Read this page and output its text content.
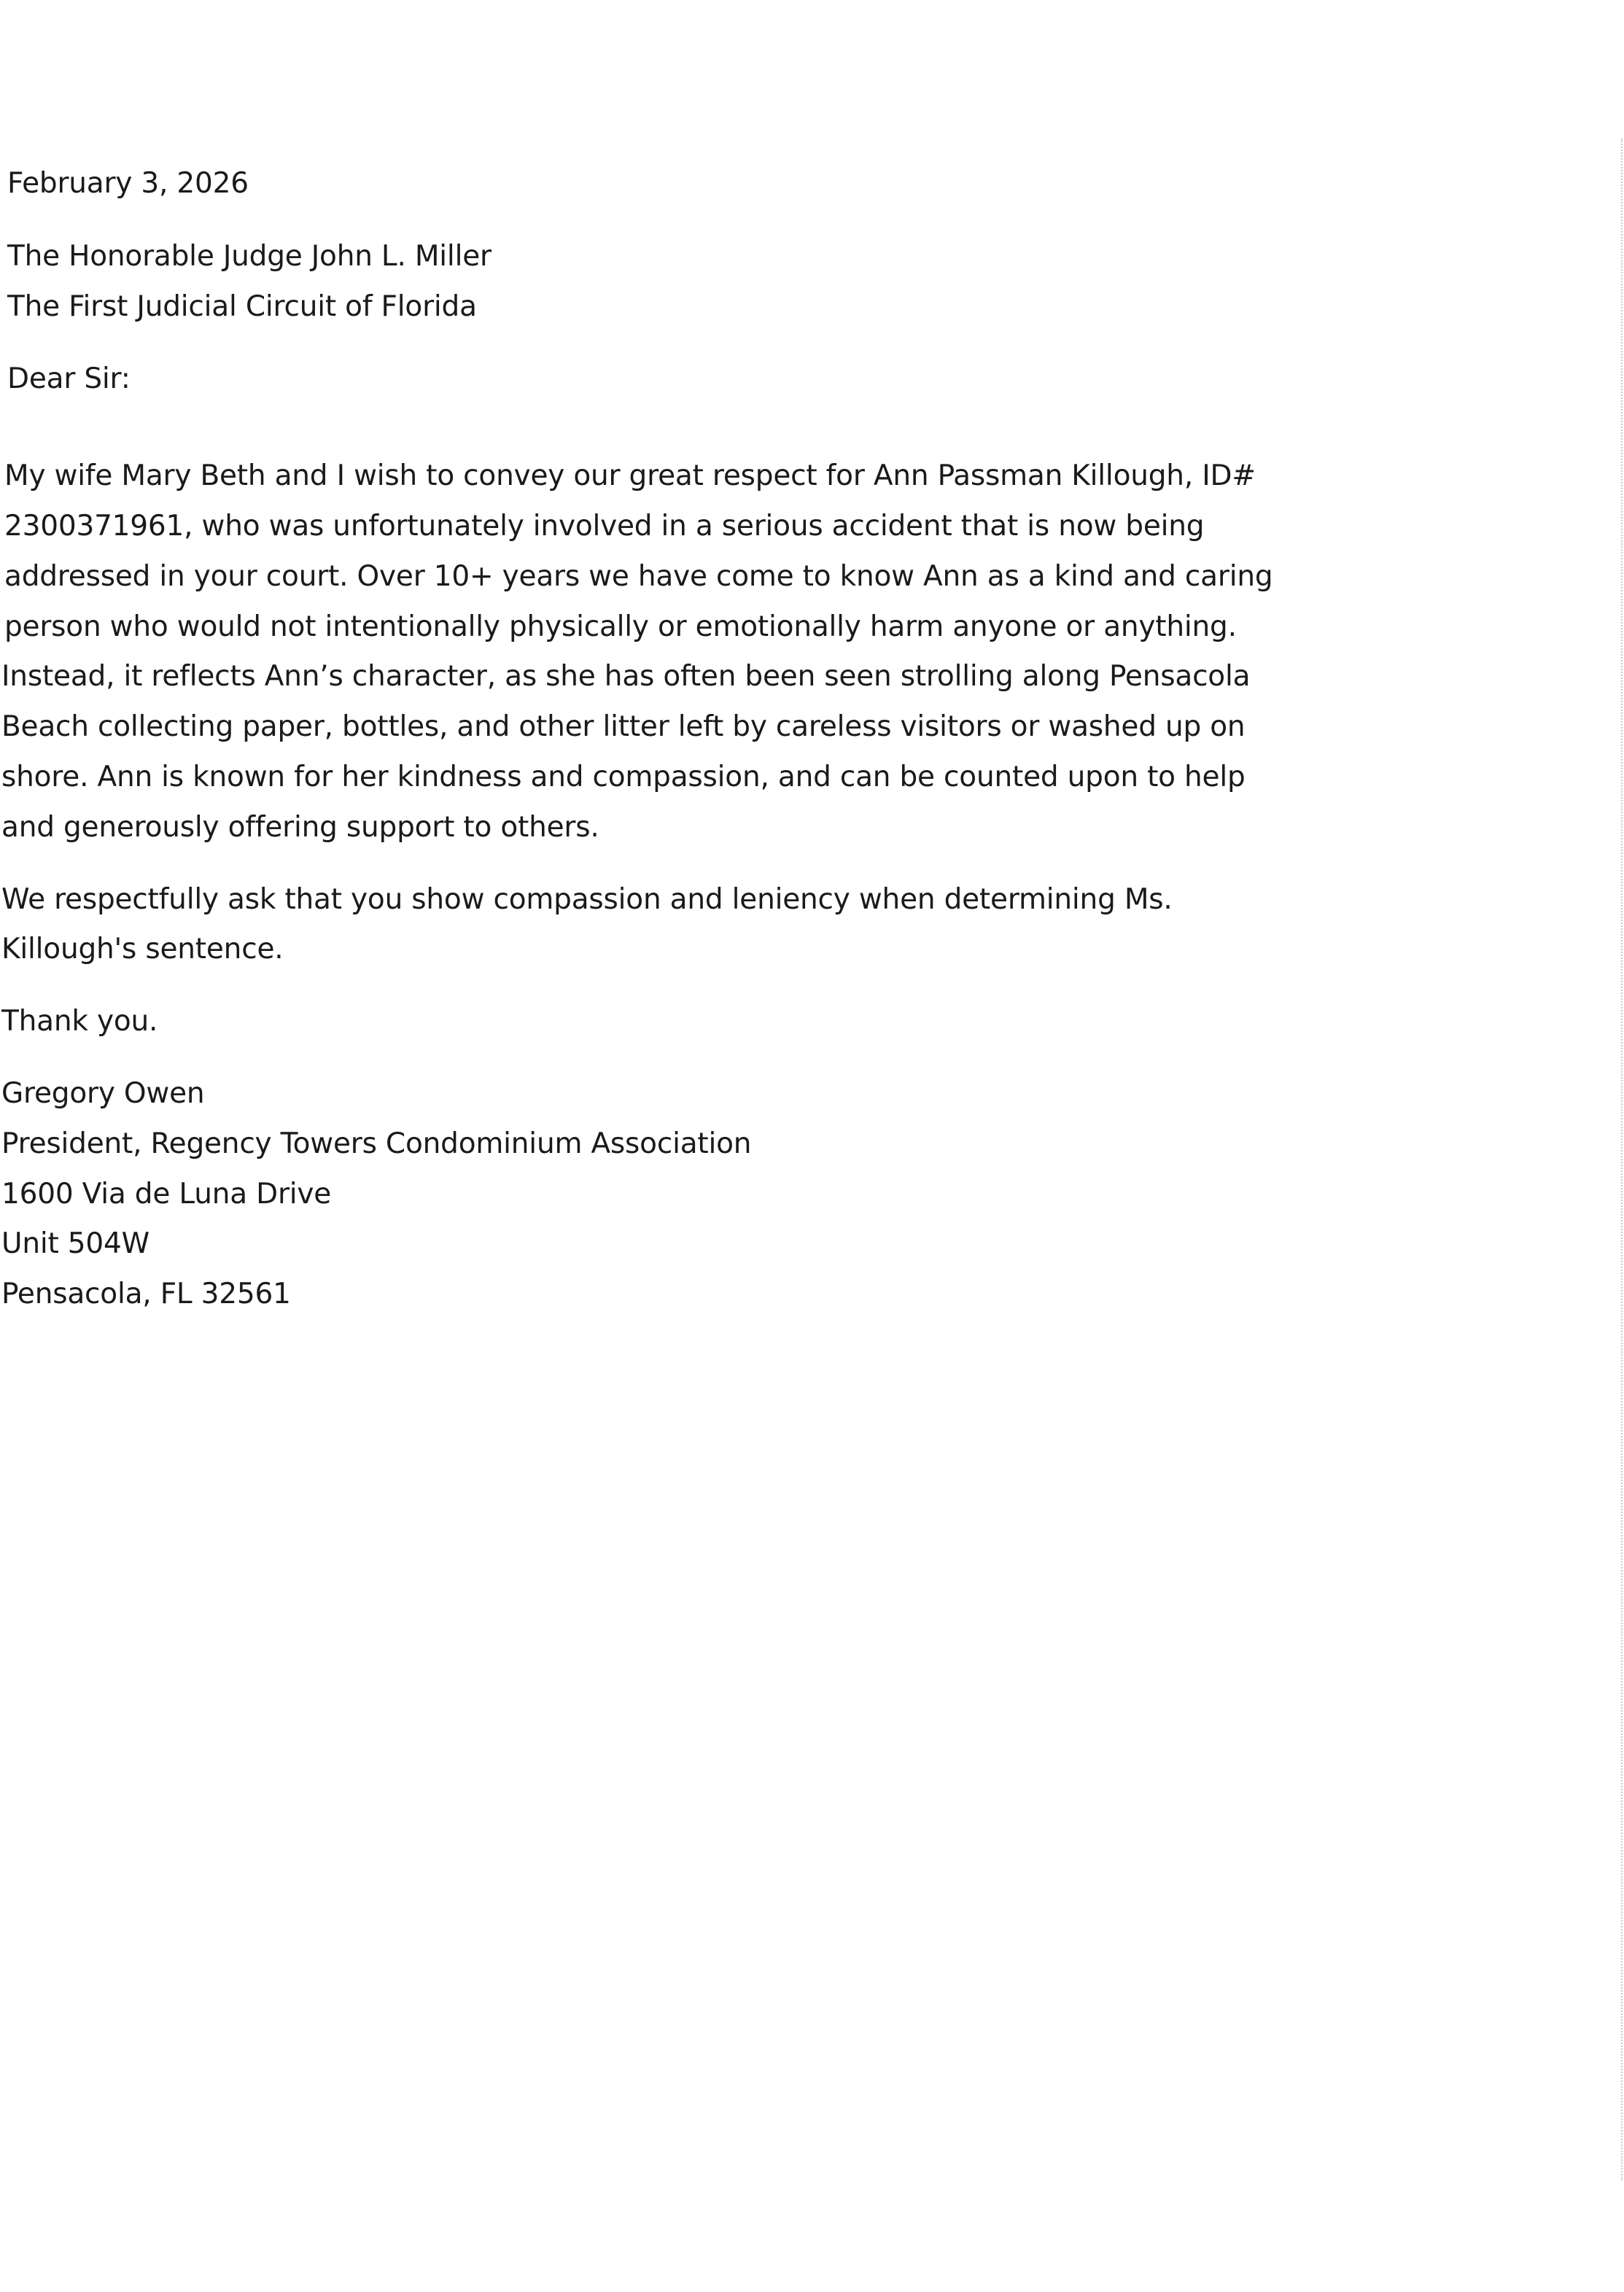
February 3, 2026
The Honorable Judge John L. Miller
The First Judicial Circuit of Florida
Dear Sir:
My wife Mary Beth and I wish to convey our great respect for Ann Passman Killough, ID#
2300371961, who was unfortunately involved in a serious accident that is now being
addressed in your court. Over 10+ years we have come to know Ann as a kind and caring
person who would not intentionally physically or emotionally harm anyone or anything.
Instead, it reflects Ann’s character, as she has often been seen strolling along Pensacola
Beach collecting paper, bottles, and other litter left by careless visitors or washed up on
shore. Ann is known for her kindness and compassion, and can be counted upon to help
and generously offering support to others.
We respectfully ask that you show compassion and leniency when determining Ms.
Killough's sentence.
Thank you.
Gregory Owen
President, Regency Towers Condominium Association
1600 Via de Luna Drive
Unit 504W
Pensacola, FL 32561
